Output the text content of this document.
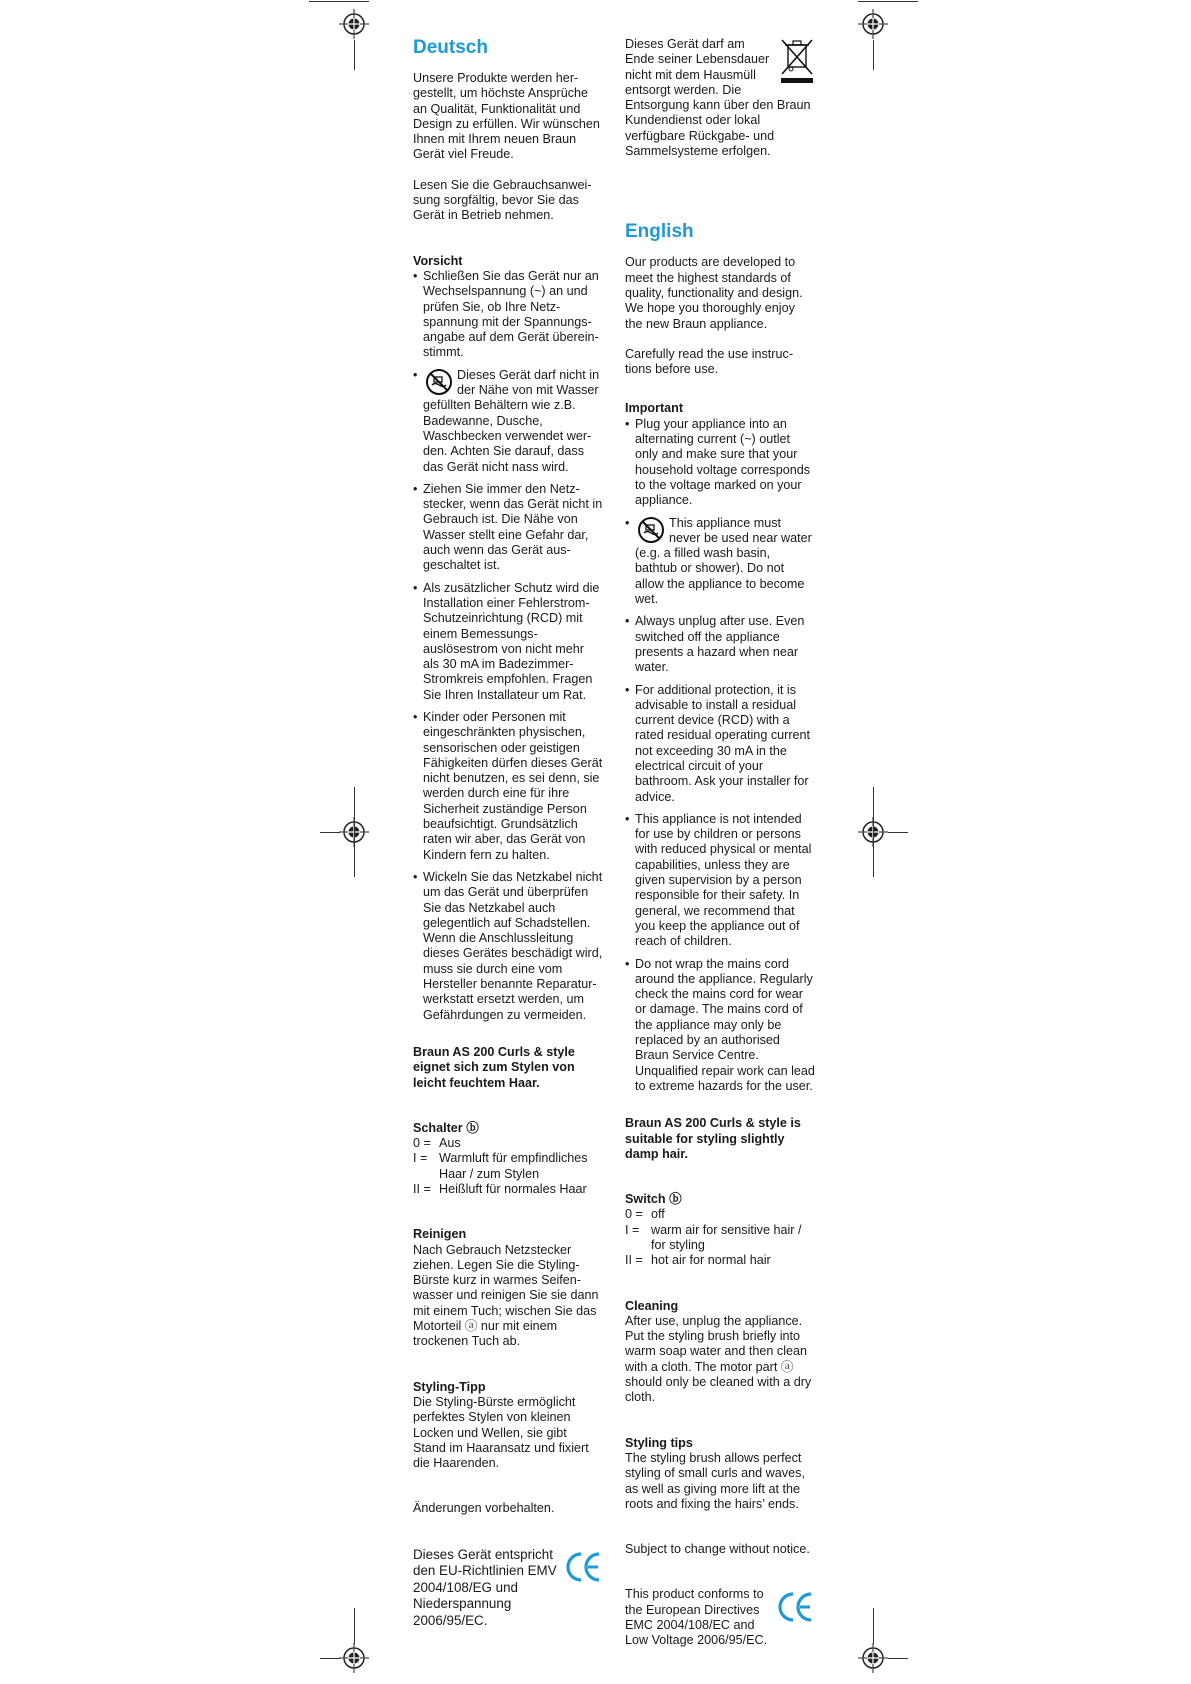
Deutsch

Unsere Produkte werden hergestellt, um höchste Ansprüche an Qualität, Funktionalität und Design zu erfüllen. Wir wünschen Ihnen mit Ihrem neuen Braun Gerät viel Freude.

Lesen Sie die Gebrauchsanweisung sorgfältig, bevor Sie das Gerät in Betrieb nehmen.

Vorsicht

• Schließen Sie das Gerät nur an Wechselspannung (~) an und prüfen Sie, ob Ihre Netzspannung mit der Spannungsangabe auf dem Gerät übereinstimmt.
• Dieses Gerät darf nicht in der Nähe von mit Wasser gefüllten Behältern wie z.B. Badewanne, Dusche, Waschbecken verwendet werden. Achten Sie darauf, dass das Gerät nicht nass wird.
• Ziehen Sie immer den Netzstecker, wenn das Gerät nicht in Gebrauch ist. Die Nähe von Wasser stellt eine Gefahr dar, auch wenn das Gerät ausgeschaltet ist.
• Als zusätzlicher Schutz wird die Installation einer Fehlerstrom-Schutzeinrichtung (RCD) mit einem Bemessungsauslösestrom von nicht mehr als 30 mA im Badezimmer-Stromkreis empfohlen. Fragen Sie Ihren Installateur um Rat.
• Kinder oder Personen mit eingeschränkten physischen, sensorischen oder geistigen Fähigkeiten dürfen dieses Gerät nicht benutzen, es sei denn, sie werden durch eine für ihre Sicherheit zuständige Person beaufsichtigt. Grundsätzlich raten wir aber, das Gerät von Kindern fern zu halten.
• Wickeln Sie das Netzkabel nicht um das Gerät und überprüfen Sie das Netzkabel auch gelegentlich auf Schadstellen. Wenn die Anschlussleitung dieses Gerätes beschädigt wird, muss sie durch eine vom Hersteller benannte Reparaturwerkstatt ersetzt werden, um Gefährdungen zu vermeiden.

Braun AS 200 Curls & style eignet sich zum Stylen von leicht feuchtem Haar.

Schalter ⓑ

0 = Aus
I = Warmluft für empfindliches Haar / zum Stylen
II = Heißluft für normales Haar

Reinigen

Nach Gebrauch Netzstecker ziehen. Legen Sie die Styling-Bürste kurz in warmes Seifenwasser und reinigen Sie sie dann mit einem Tuch; wischen Sie das Motorteil ⓐ nur mit einem trockenen Tuch ab.

Styling-Tipp

Die Styling-Bürste ermöglicht perfektes Stylen von kleinen Locken und Wellen, sie gibt Stand im Haaransatz und fixiert die Haarenden.

Änderungen vorbehalten.

Dieses Gerät entspricht den EU-Richtlinien EMV 2004/108/EG und Niederspannung 2006/95/EC.

Dieses Gerät darf am Ende seiner Lebensdauer nicht mit dem Hausmüll entsorgt werden. Die Entsorgung kann über den Braun Kundendienst oder lokal verfügbare Rückgabe- und Sammelsysteme erfolgen.

English

Our products are developed to meet the highest standards of quality, functionality and design. We hope you thoroughly enjoy the new Braun appliance.

Carefully read the use instructions before use.

Important

• Plug your appliance into an alternating current (~) outlet only and make sure that your household voltage corresponds to the voltage marked on your appliance.
• This appliance must never be used near water (e.g. a filled wash basin, bathtub or shower). Do not allow the appliance to become wet.
• Always unplug after use. Even switched off the appliance presents a hazard when near water.
• For additional protection, it is advisable to install a residual current device (RCD) with a rated residual operating current not exceeding 30 mA in the electrical circuit of your bathroom. Ask your installer for advice.
• This appliance is not intended for use by children or persons with reduced physical or mental capabilities, unless they are given supervision by a person responsible for their safety. In general, we recommend that you keep the appliance out of reach of children.
• Do not wrap the mains cord around the appliance. Regularly check the mains cord for wear or damage. The mains cord of the appliance may only be replaced by an authorised Braun Service Centre. Unqualified repair work can lead to extreme hazards for the user.

Braun AS 200 Curls & style is suitable for styling slightly damp hair.

Switch ⓑ

0 = off
I = warm air for sensitive hair / for styling
II = hot air for normal hair

Cleaning

After use, unplug the appliance. Put the styling brush briefly into warm soap water and then clean with a cloth. The motor part ⓐ should only be cleaned with a dry cloth.

Styling tips

The styling brush allows perfect styling of small curls and waves, as well as giving more lift at the roots and fixing the hairs’ ends.

Subject to change without notice.

This product conforms to the European Directives EMC 2004/108/EC and Low Voltage 2006/95/EC.
